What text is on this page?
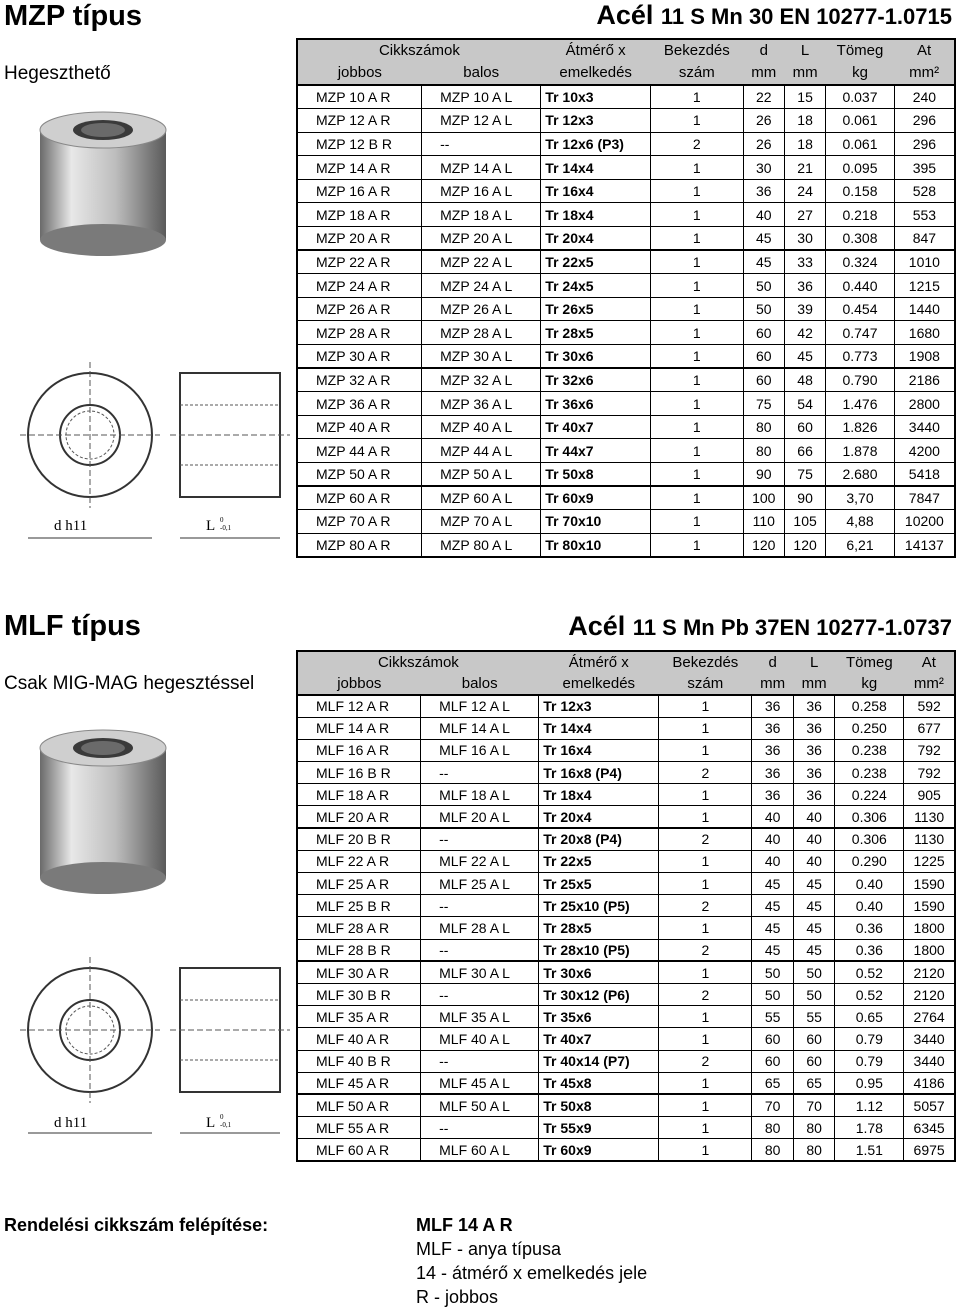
MZP típus
Hegeszthető
Acél 11 S Mn 30 EN 10277-1.0715
d h11	L 0
-0,1
Cikkszámok		Átmérő x	Bekezdés	d	L	Tömeg	At
jobbos	balos	emelkedés	szám	mm	mm	kg	mm²
MZP 10 A R	MZP 10 A L	Tr 10x3	1	22	15	0.037	240
MZP 12 A R	MZP 12 A L	Tr 12x3	1	26	18	0.061	296
MZP 12 B R	--	Tr 12x6 (P3)	2	26	18	0.061	296
MZP 14 A R	MZP 14 A L	Tr 14x4	1	30	21	0.095	395
MZP 16 A R	MZP 16 A L	Tr 16x4	1	36	24	0.158	528
MZP 18 A R	MZP 18 A L	Tr 18x4	1	40	27	0.218	553
MZP 20 A R	MZP 20 A L	Tr 20x4	1	45	30	0.308	847
MZP 22 A R	MZP 22 A L	Tr 22x5	1	45	33	0.324	1010
MZP 24 A R	MZP 24 A L	Tr 24x5	1	50	36	0.440	1215
MZP 26 A R	MZP 26 A L	Tr 26x5	1	50	39	0.454	1440
MZP 28 A R	MZP 28 A L	Tr 28x5	1	60	42	0.747	1680
MZP 30 A R	MZP 30 A L	Tr 30x6	1	60	45	0.773	1908
MZP 32 A R	MZP 32 A L	Tr 32x6	1	60	48	0.790	2186
MZP 36 A R	MZP 36 A L	Tr 36x6	1	75	54	1.476	2800
MZP 40 A R	MZP 40 A L	Tr 40x7	1	80	60	1.826	3440
MZP 44 A R	MZP 44 A L	Tr 44x7	1	80	66	1.878	4200
MZP 50 A R	MZP 50 A L	Tr 50x8	1	90	75	2.680	5418
MZP 60 A R	MZP 60 A L	Tr 60x9	1	100	90	3,70	7847
MZP 70 A R	MZP 70 A L	Tr 70x10	1	110	105	4,88	10200
MZP 80 A R	MZP 80 A L	Tr 80x10	1	120	120	6,21	14137
MLF típus
Csak MIG-MAG hegesztéssel
Acél 11 S Mn Pb 37EN 10277-1.0737
d h11	L 0
-0,1
Cikkszámok		Átmérő x	Bekezdés	d	L	Tömeg	At
jobbos	balos	emelkedés	szám	mm	mm	kg	mm²
MLF 12 A R	MLF 12 A L	Tr 12x3	1	36	36	0.258	592
MLF 14 A R	MLF 14 A L	Tr 14x4	1	36	36	0.250	677
MLF 16 A R	MLF 16 A L	Tr 16x4	1	36	36	0.238	792
MLF 16 B R	--	Tr 16x8 (P4)	2	36	36	0.238	792
MLF 18 A R	MLF 18 A L	Tr 18x4	1	36	36	0.224	905
MLF 20 A R	MLF 20 A L	Tr 20x4	1	40	40	0.306	1130
MLF 20 B R	--	Tr 20x8 (P4)	2	40	40	0.306	1130
MLF 22 A R	MLF 22 A L	Tr 22x5	1	40	40	0.290	1225
MLF 25 A R	MLF 25 A L	Tr 25x5	1	45	45	0.40	1590
MLF 25 B R	--	Tr 25x10 (P5)	2	45	45	0.40	1590
MLF 28 A R	MLF 28 A L	Tr 28x5	1	45	45	0.36	1800
MLF 28 B R	--	Tr 28x10 (P5)	2	45	45	0.36	1800
MLF 30 A R	MLF 30 A L	Tr 30x6	1	50	50	0.52	2120
MLF 30 B R	--	Tr 30x12 (P6)	2	50	50	0.52	2120
MLF 35 A R	MLF 35 A L	Tr 35x6	1	55	55	0.65	2764
MLF 40 A R	MLF 40 A L	Tr 40x7	1	60	60	0.79	3440
MLF 40 B R	--	Tr 40x14 (P7)	2	60	60	0.79	3440
MLF 45 A R	MLF 45 A L	Tr 45x8	1	65	65	0.95	4186
MLF 50 A R	MLF 50 A L	Tr 50x8	1	70	70	1.12	5057
MLF 55 A R	--	Tr 55x9	1	80	80	1.78	6345
MLF 60 A R	MLF 60 A L	Tr 60x9	1	80	80	1.51	6975
Rendelési cikkszám felépítése:	MLF 14 A R
MLF - anya típusa
14 - átmérő x emelkedés jele
R - jobbos
